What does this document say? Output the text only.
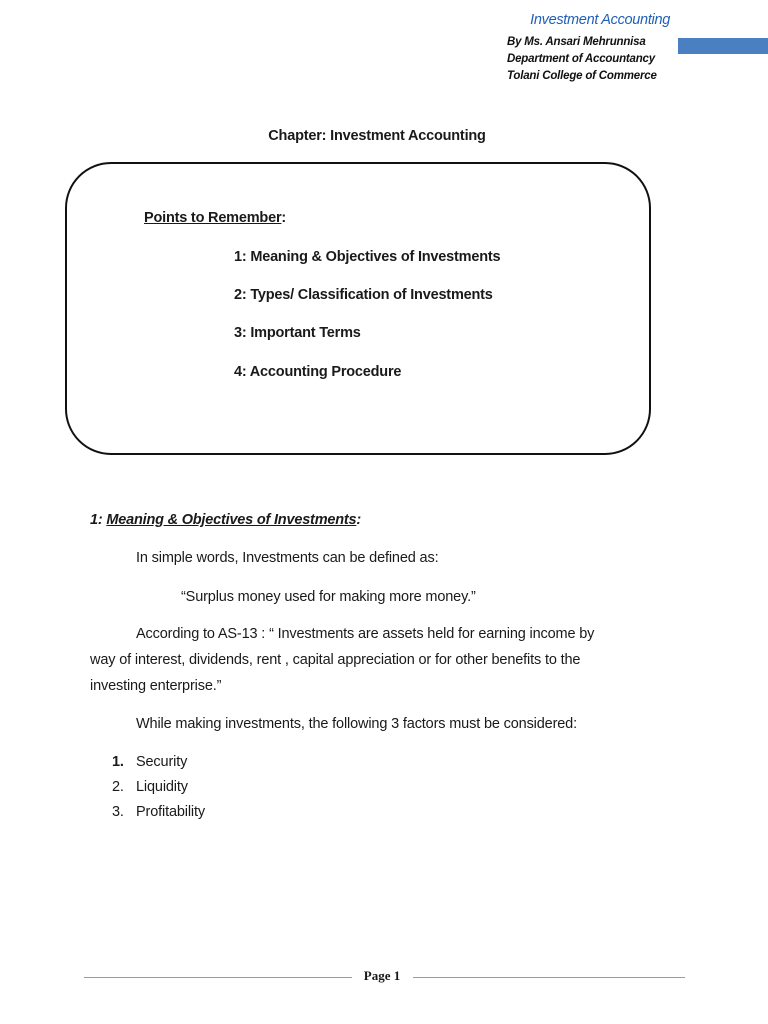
Investment Accounting
By Ms. Ansari Mehrunnisa
Department of Accountancy
Tolani College of Commerce
Chapter: Investment Accounting
Points to Remember:
1: Meaning & Objectives of Investments
2: Types/ Classification of Investments
3: Important Terms
4: Accounting Procedure
1: Meaning & Objectives of Investments:
In simple words, Investments can be defined as:
“Surplus money used for making more money.”
According to AS-13 : “ Investments are assets held for earning income by
way of interest, dividends, rent , capital appreciation or for other benefits to the
investing enterprise.”
While making investments, the following 3 factors must be considered:
1. Security
2. Liquidity
3. Profitability
Page 1
